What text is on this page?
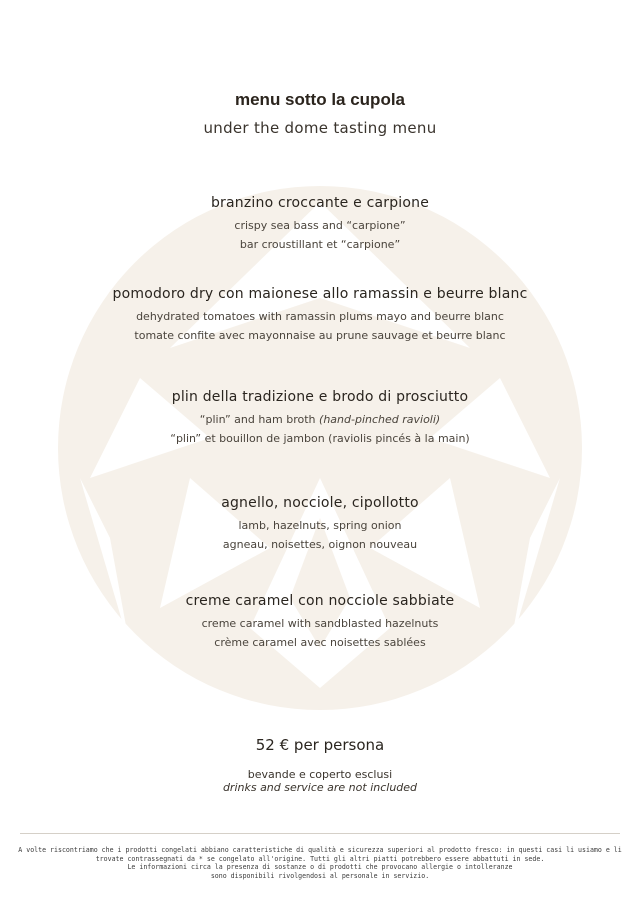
menu sotto la cupola
under the dome tasting menu
branzino croccante e carpione
crispy sea bass and “carpione”
bar croustillant et “carpione”
pomodoro dry con maionese allo ramassin e beurre blanc
dehydrated tomatoes with ramassin plums mayo and beurre blanc
tomate confite avec mayonnaise au prune sauvage et beurre blanc
plin della tradizione e brodo di prosciutto
“plin” and ham broth (hand-pinched ravioli)
“plin” et bouillon de jambon (raviolis pincés à la main)
agnello, nocciole, cipollotto
lamb, hazelnuts, spring onion
agneau, noisettes, oignon nouveau
creme caramel con nocciole sabbiate
creme caramel with sandblasted hazelnuts
crème caramel avec noisettes sablées
52 € per persona
bevande e coperto esclusi
drinks and service are not included
A volte riscontriamo che i prodotti congelati abbiano caratteristiche di qualità e sicurezza superiori al prodotto fresco: in questi casi li usiamo e li
trovate contrassegnati da * se congelato all'origine. Tutti gli altri piatti potrebbero essere abbattuti in sede.
Le informazioni circa la presenza di sostanze o di prodotti che provocano allergie o intolleranze
sono disponibili rivolgendosi al personale in servizio.
